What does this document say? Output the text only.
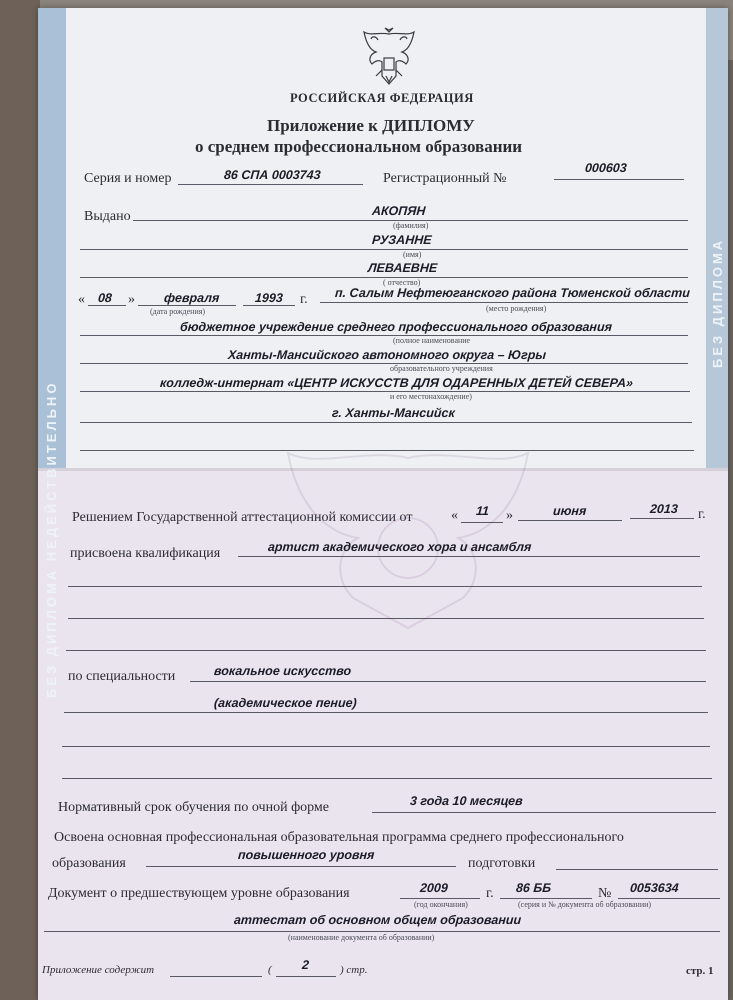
БЕЗ ДИПЛОМА НЕДЕЙСТВИТЕЛЬНО
БЕЗ ДИПЛОМА
РОССИЙСКАЯ ФЕДЕРАЦИЯ
Приложение к ДИПЛОМУ
о среднем профессиональном образовании
Серия и номер	86 СПА 0003743	Регистрационный №
000603
Выдано	АКОПЯН
(фамилия)
РУЗАННЕ
(имя)
ЛЕВАЕВНЕ
( отчество)
« 08 » февраля	1993 г.
(дата рождения)
п. Салым Нефтеюганского района Тюменской области
(место рождения)
бюджетное учреждение среднего профессионального образования
(полное наименование
Ханты-Мансийского автономного округа – Югры
образовательного учреждения
колледж-интернат «ЦЕНТР ИСКУССТВ ДЛЯ ОДАРЕННЫХ ДЕТЕЙ СЕВЕРА»
и его местонахождение)
г. Ханты-Мансийск
Решением Государственной аттестационной комиссии от	« 11 »	июня	2013 г.
присвоена квалификация	артист академического хора и ансамбля
по специальности	вокальное искусство
(академическое пение)
Нормативный срок обучения по очной форме	3 года 10 месяцев
Освоена основная профессиональная образовательная программа среднего профессионального
образования
повышенного уровня
подготовки
Документ о предшествующем уровне образования	2009
(год окончания)
г. 86 ББ	№ 0053634
(серия и № документа об образовании)
аттестат об основном общем образовании
(наименование документа об образовании)
Приложение содержит	( 2	) стр.	стр. 1
